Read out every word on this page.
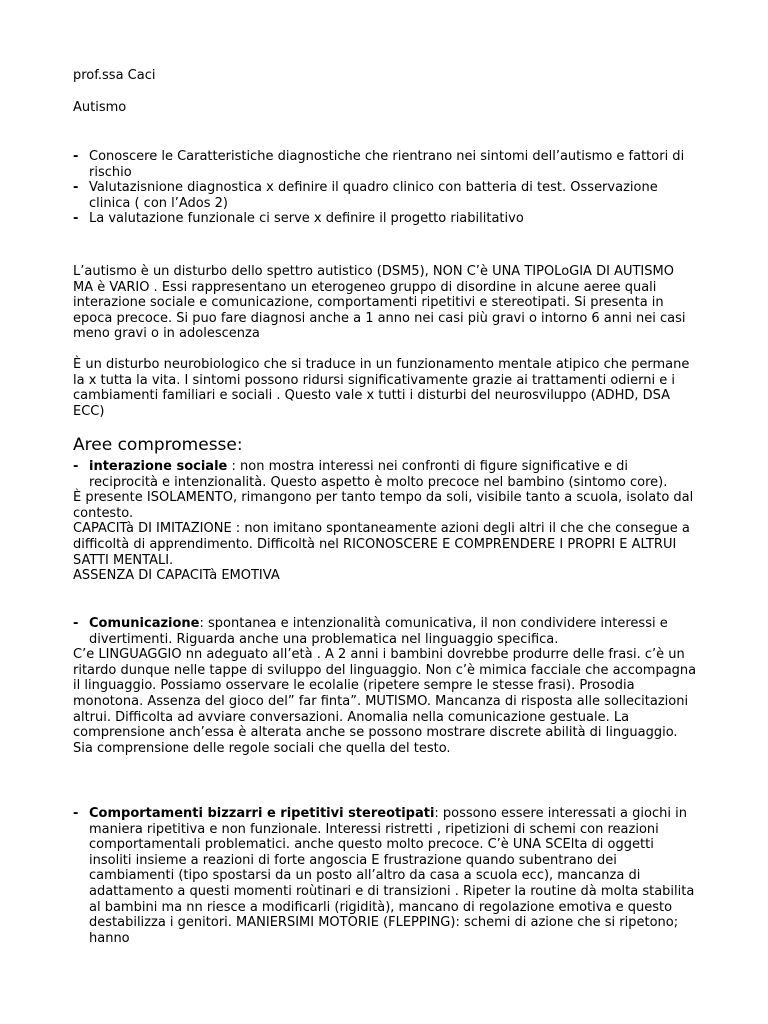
prof.ssa Caci

Autismo

- Conoscere le Caratteristiche diagnostiche che rientrano nei sintomi dell’autismo e fattori di rischio
- Valutazisnione diagnostica x definire il quadro clinico con batteria di test. Osservazione clinica ( con l’Ados 2)
- La valutazione funzionale ci serve x definire il progetto riabilitativo

L’autismo è un disturbo dello spettro autistico (DSM5), NON C’è UNA TIPOLoGIA DI AUTISMO MA è VARIO . Essi rappresentano un eterogeneo gruppo di disordine in alcune aeree quali interazione sociale e comunicazione, comportamenti ripetitivi e stereotipati. Si presenta in epoca precoce. Si puo fare diagnosi anche a 1 anno nei casi più gravi o intorno 6 anni nei casi meno gravi o in adolescenza

È un disturbo neurobiologico che si traduce in un funzionamento mentale atipico che permane la x tutta la vita. I sintomi possono ridursi significativamente grazie ai trattamenti odierni e i cambiamenti familiari e sociali . Questo vale x tutti i disturbi del neurosviluppo (ADHD, DSA ECC)

Aree compromesse:
- interazione sociale : non mostra interessi nei confronti di figure significative e di reciprocità e intenzionalità. Questo aspetto è molto precoce nel bambino (sintomo core).

È presente ISOLAMENTO, rimangono per tanto tempo da soli, visibile tanto a scuola, isolato dal contesto.

CAPACITà DI IMITAZIONE : non imitano spontaneamente azioni degli altri il che che consegue a difficoltà di apprendimento. Difficoltà nel RICONOSCERE E COMPRENDERE I PROPRI E ALTRUI SATTI MENTALI.

ASSENZA DI CAPACITà EMOTIVA

- Comunicazione: spontanea e intenzionalità comunicativa, il non condividere interessi e divertimenti. Riguarda anche una problematica nel linguaggio specifica.

C’e LINGUAGGIO nn adeguato all’età . A 2 anni i bambini dovrebbe produrre delle frasi. c’è un ritardo dunque nelle tappe di sviluppo del linguaggio. Non c’è mimica facciale che accompagna il linguaggio. Possiamo osservare le ecolalie (ripetere sempre le stesse frasi). Prosodia monotona. Assenza del gioco del” far finta”. MUTISMO. Mancanza di risposta alle sollecitazioni altrui. Difficolta ad avviare conversazioni. Anomalia nella comunicazione gestuale. La comprensione anch’essa è alterata anche se possono mostrare discrete abilità di linguaggio. Sia comprensione delle regole sociali che quella del testo.

- Comportamenti bizzarri e ripetitivi stereotipati: possono essere interessati a giochi in maniera ripetitiva e non funzionale. Interessi ristretti , ripetizioni di schemi con reazioni comportamentali problematici. anche questo molto precoce. C’è UNA SCElta di oggetti insoliti insieme a reazioni di forte angoscia E frustrazione quando subentrano dei cambiamenti (tipo spostarsi da un posto all’altro da casa a scuola ecc), mancanza di adattamento a questi momenti roùtinari e di transizioni . Ripeter la routine dà molta stabilita al bambini ma nn riesce a modificarli (rigidità), mancano di regolazione emotiva e questo destabilizza i genitori. MANIERSIMI MOTORIE (FLEPPING): schemi di azione che si ripetono; hanno
